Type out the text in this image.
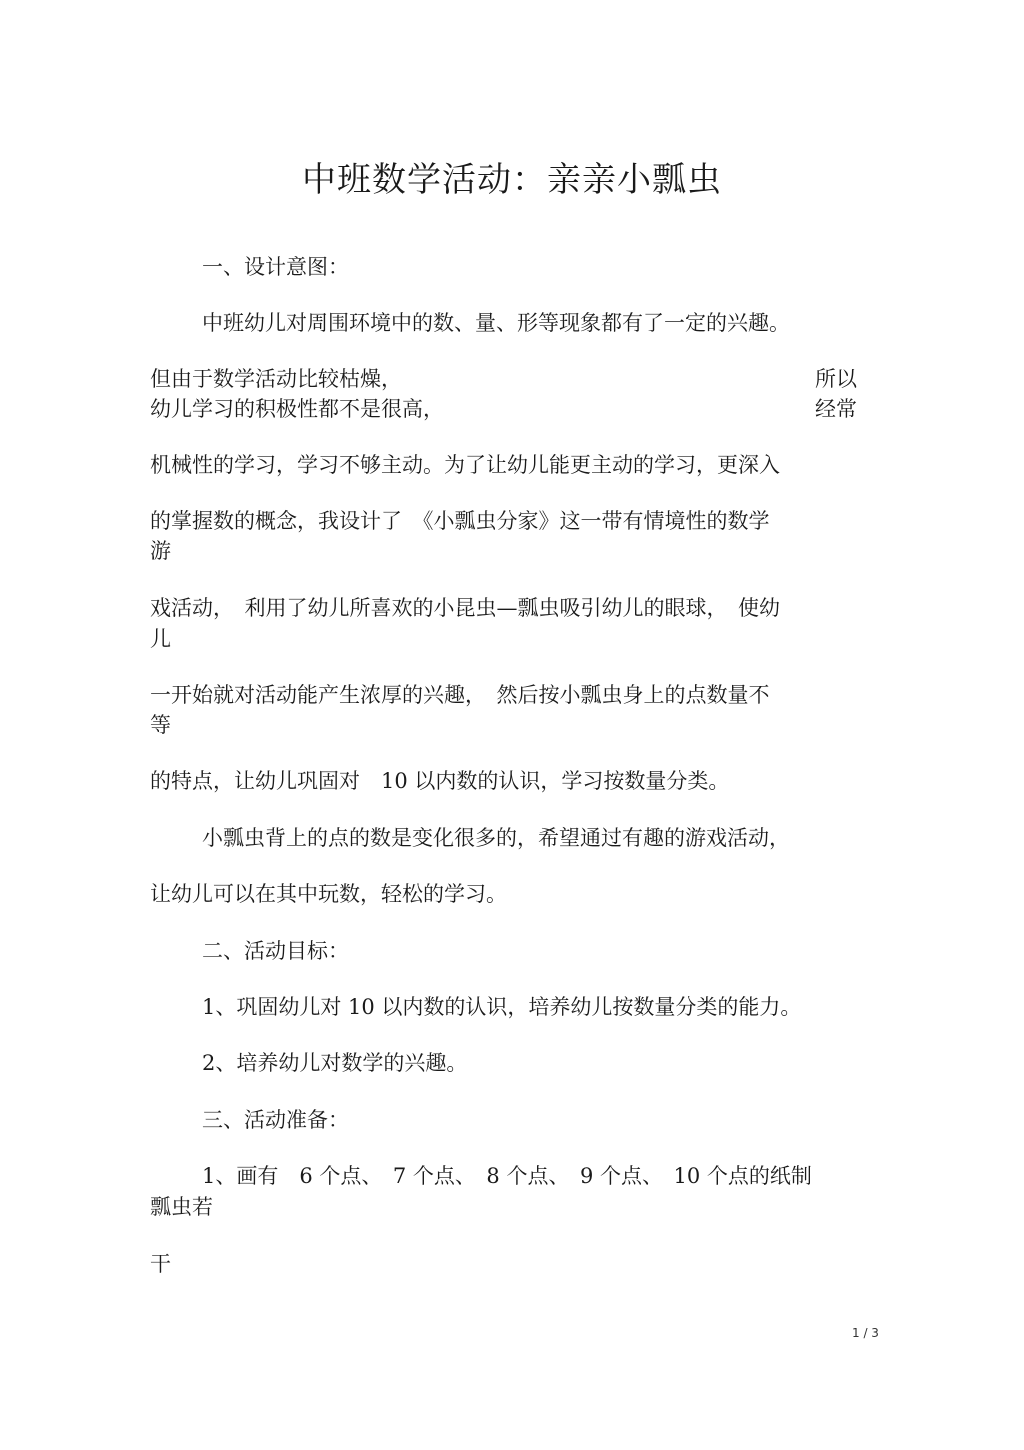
中班数学活动：亲亲小瓢虫
一、设计意图：
中班幼儿对周围环境中的数、量、形等现象都有了一定的兴趣。
但由于数学活动比较枯燥，	所以
幼儿学习的积极性都不是很高，	经常
机械性的学习，学习不够主动。为了让幼儿能更主动的学习，更深入
的掌握数的概念，我设计了　《小瓢虫分家》这一带有情境性的数学
游
戏活动，　利用了幼儿所喜欢的小昆虫—瓢虫吸引幼儿的眼球，　使幼
儿
一开始就对活动能产生浓厚的兴趣，　然后按小瓢虫身上的点数量不
等
的特点，让幼儿巩固对　10 以内数的认识，学习按数量分类。
小瓢虫背上的点的数是变化很多的，希望通过有趣的游戏活动，
让幼儿可以在其中玩数，轻松的学习。
二、活动目标：
1、巩固幼儿对 10 以内数的认识，培养幼儿按数量分类的能力。
2、培养幼儿对数学的兴趣。
三、活动准备：
1、画有　6 个点、　7 个点、　8 个点、　9 个点、　10 个点的纸制
瓢虫若
干
1 / 3
